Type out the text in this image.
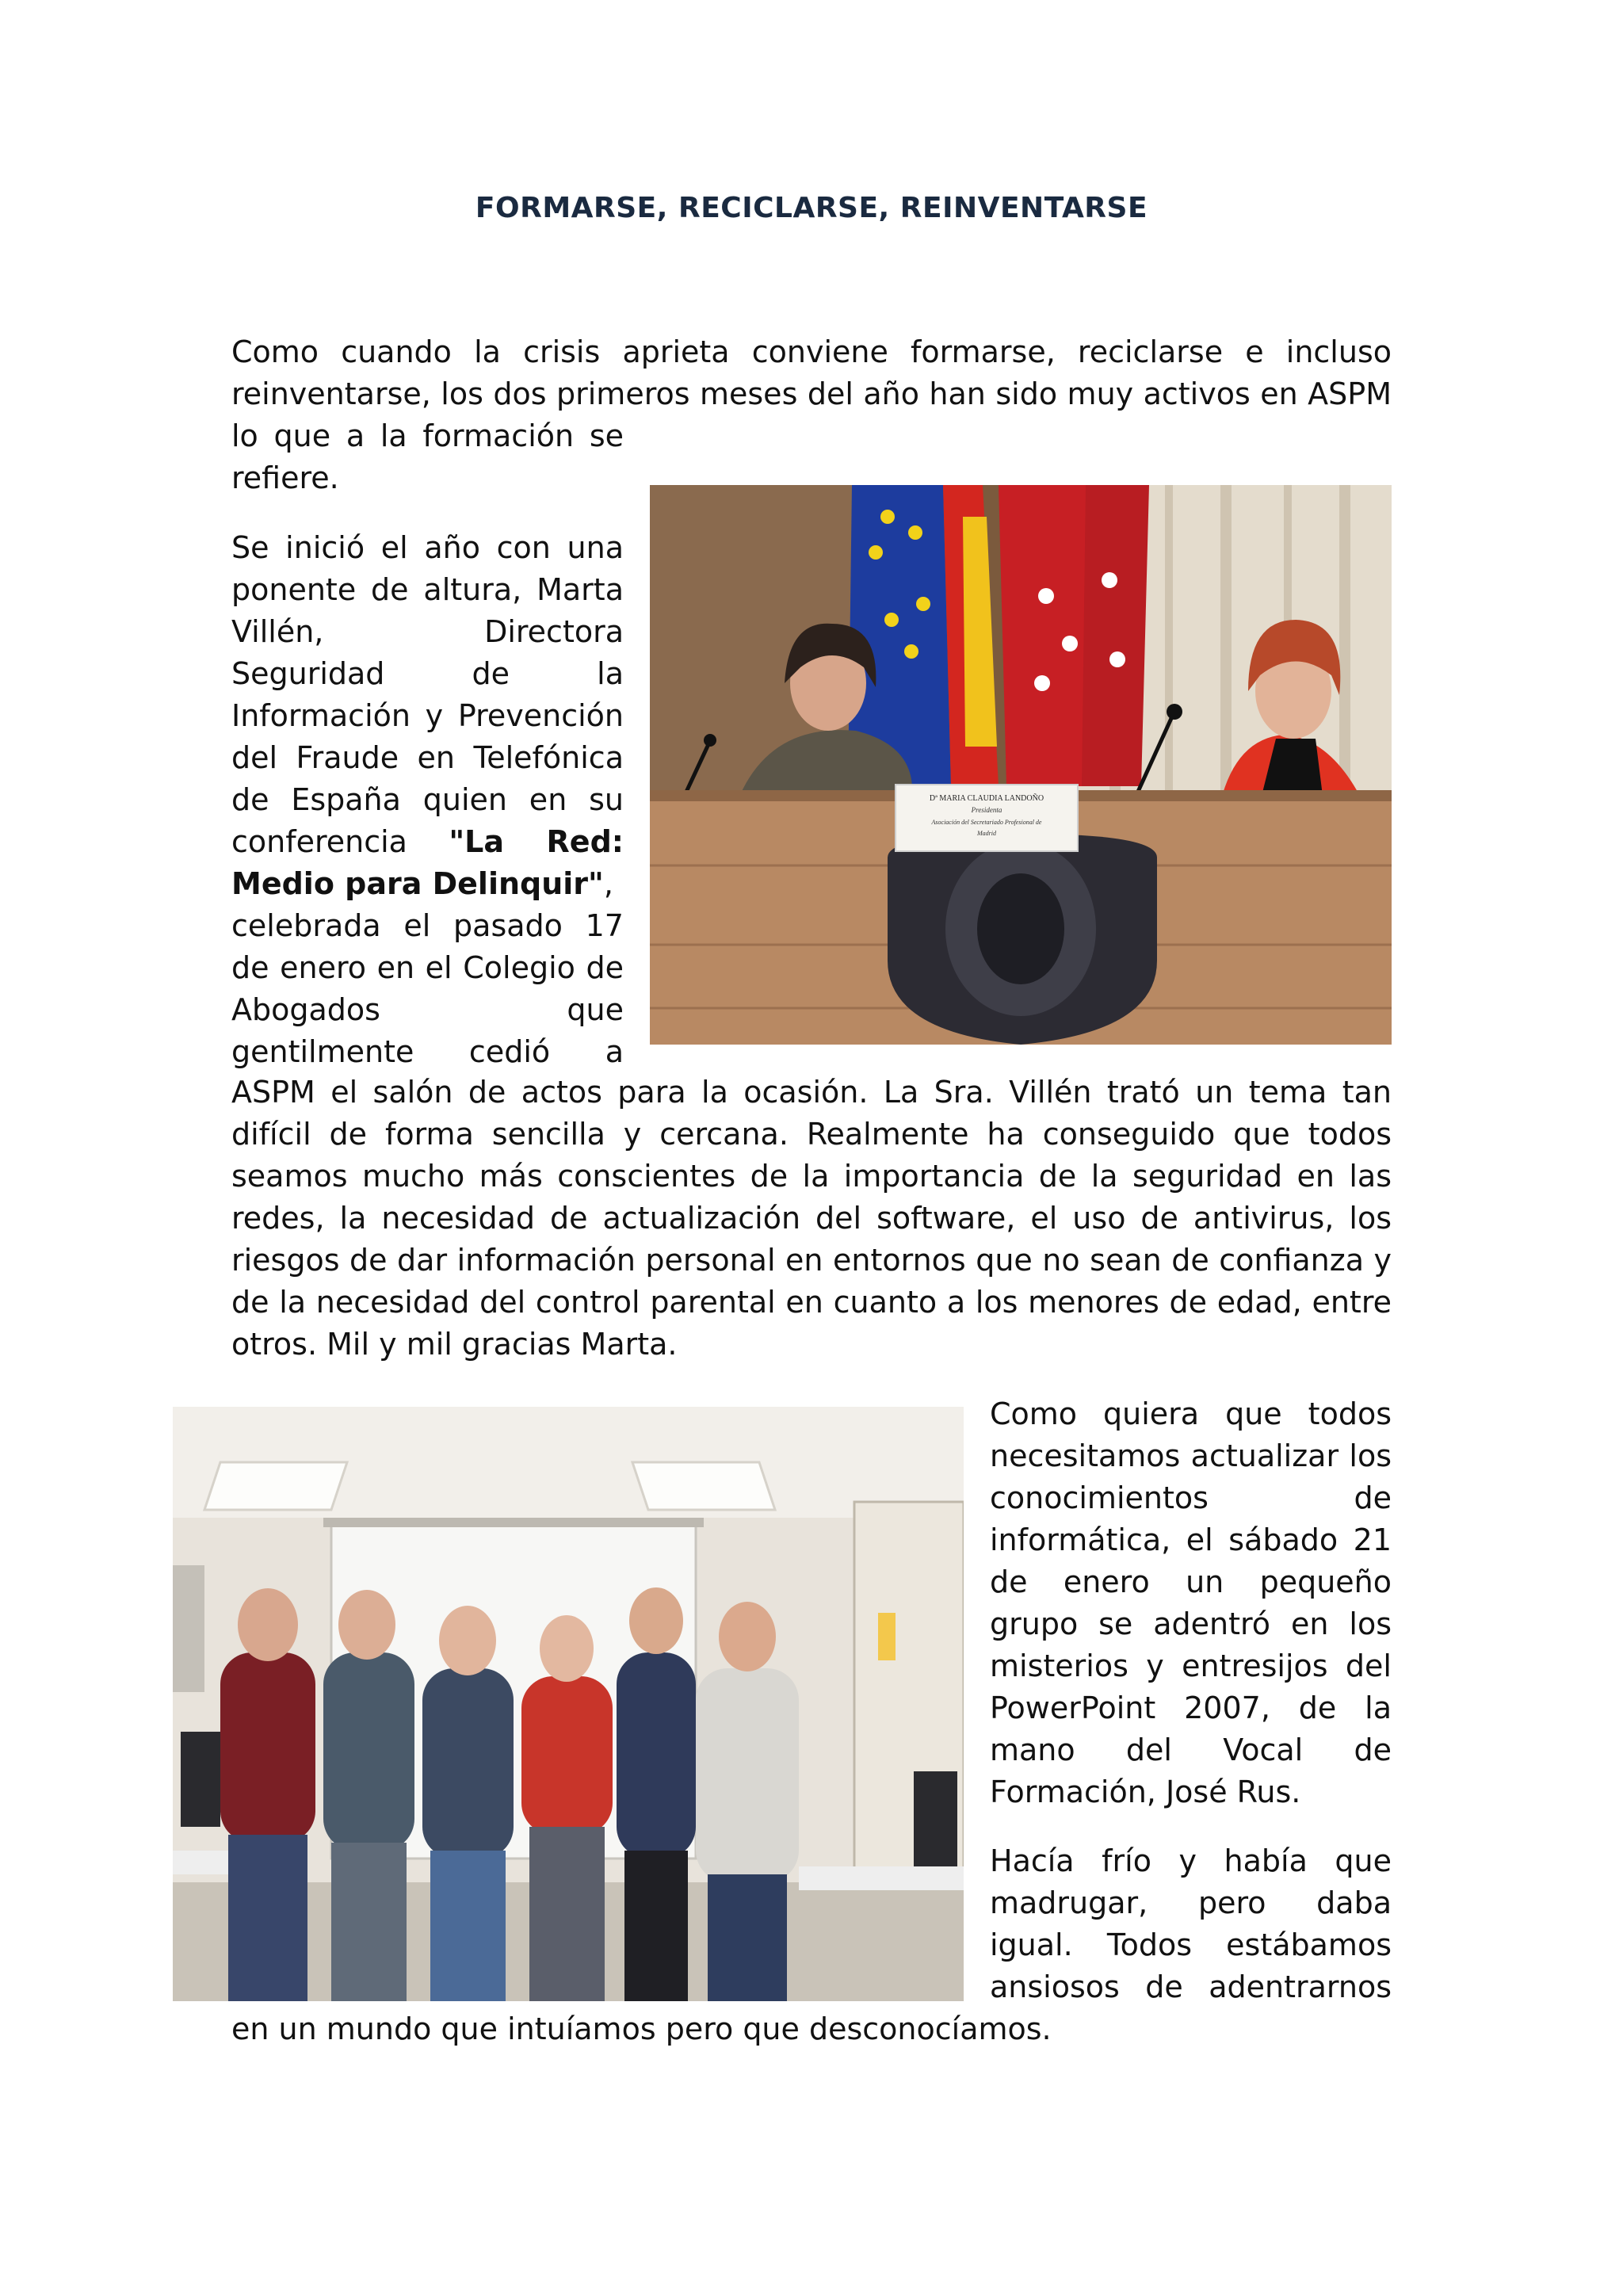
FORMARSE, RECICLARSE, REINVENTARSE

Como cuando la crisis aprieta conviene formarse, reciclarse e incluso
reinventarse, los dos primeros meses del año han sido muy activos en ASPM

lo que a la formación se
refiere.

Dª MARIA CLAUDIA LANDOÑO
Presidenta
Asociación del Secretariado Profesional de
Madrid

Se inició el año con una
ponente de altura, Marta
Villén, Directora
Seguridad de la
Información y Prevención
del Fraude en Telefónica
de España quien en su
conferencia "La Red:
Medio para Delinquir",
celebrada el pasado 17
de enero en el Colegio de
Abogados que
gentilmente cedió a

ASPM el salón de actos para la ocasión. La Sra. Villén trató un tema tan
difícil de forma sencilla y cercana. Realmente ha conseguido que todos
seamos mucho más conscientes de la importancia de la seguridad en las
redes, la necesidad de actualización del software, el uso de antivirus, los
riesgos de dar información personal en entornos que no sean de confianza y
de la necesidad del control parental en cuanto a los menores de edad, entre
otros. Mil y mil gracias Marta.

Como quiera que todos
necesitamos actualizar los
conocimientos de
informática, el sábado 21
de enero un pequeño
grupo se adentró en los
misterios y entresijos del
PowerPoint 2007, de la
mano del Vocal de
Formación, José Rus.

Hacía frío y había que
madrugar, pero daba
igual. Todos estábamos
ansiosos de adentrarnos

en un mundo que intuíamos pero que desconocíamos.
